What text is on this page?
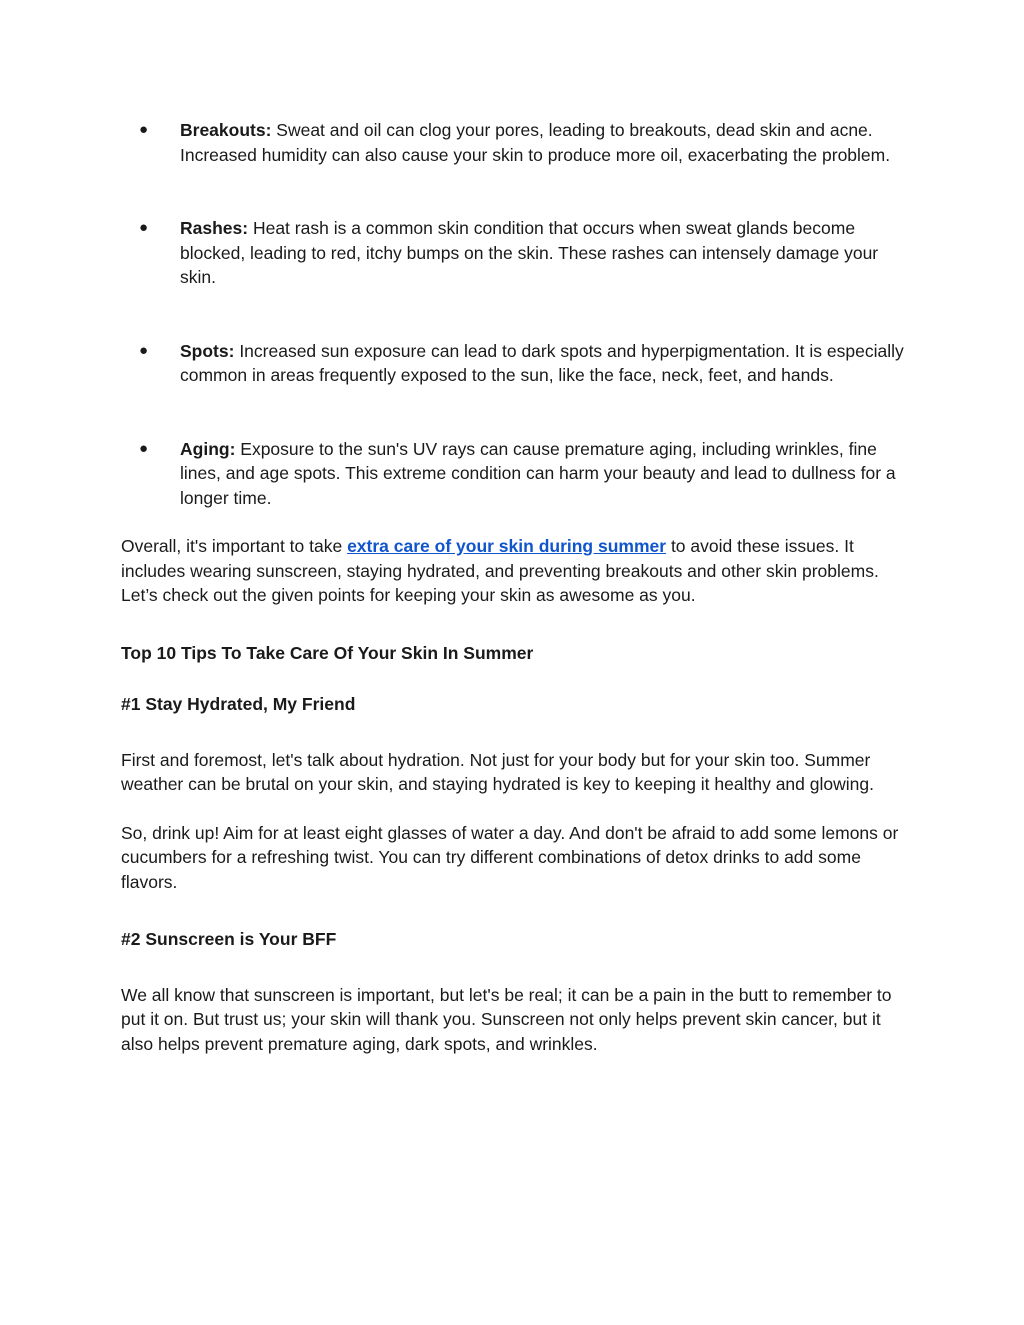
● Breakouts: Sweat and oil can clog your pores, leading to breakouts, dead skin and acne. Increased humidity can also cause your skin to produce more oil, exacerbating the problem.
● Rashes: Heat rash is a common skin condition that occurs when sweat glands become blocked, leading to red, itchy bumps on the skin. These rashes can intensely damage your skin.
● Spots: Increased sun exposure can lead to dark spots and hyperpigmentation. It is especially common in areas frequently exposed to the sun, like the face, neck, feet, and hands.
● Aging: Exposure to the sun's UV rays can cause premature aging, including wrinkles, fine lines, and age spots. This extreme condition can harm your beauty and lead to dullness for a longer time.

Overall, it's important to take extra care of your skin during summer to avoid these issues. It includes wearing sunscreen, staying hydrated, and preventing breakouts and other skin problems. Let’s check out the given points for keeping your skin as awesome as you.

Top 10 Tips To Take Care Of Your Skin In Summer
#1 Stay Hydrated, My Friend

First and foremost, let's talk about hydration. Not just for your body but for your skin too. Summer weather can be brutal on your skin, and staying hydrated is key to keeping it healthy and glowing.

So, drink up! Aim for at least eight glasses of water a day. And don't be afraid to add some lemons or cucumbers for a refreshing twist. You can try different combinations of detox drinks to add some flavors.

#2 Sunscreen is Your BFF

We all know that sunscreen is important, but let's be real; it can be a pain in the butt to remember to put it on. But trust us; your skin will thank you. Sunscreen not only helps prevent skin cancer, but it also helps prevent premature aging, dark spots, and wrinkles.
